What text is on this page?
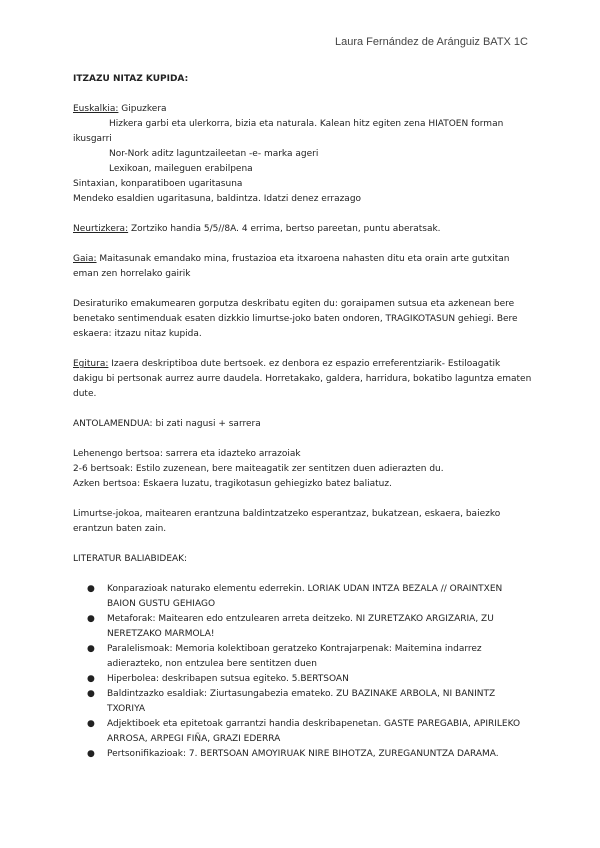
Laura Fernández de Aránguiz BATX 1C

ITZAZU NITAZ KUPIDA:

Euskalkia: Gipuzkera

Hizkera garbi eta ulerkorra, bizia eta naturala. Kalean hitz egiten zena HIATOEN forman ikusgarri

Nor-Nork aditz laguntzaileetan -e- marka ageri

Lexikoan, maileguen erabilpena

Sintaxian, konparatiboen ugaritasuna

Mendeko esaldien ugaritasuna, baldintza. Idatzi denez errazago

Neurtizkera: Zortziko handia 5/5//8A. 4 errima, bertso pareetan, puntu aberatsak.

Gaia: Maitasunak emandako mina, frustazioa eta itxaroena nahasten ditu eta orain arte gutxitan eman zen horrelako gairik

Desiraturiko emakumearen gorputza deskribatu egiten du: goraipamen sutsua eta azkenean bere benetako sentimenduak esaten dizkkio limurtse-joko baten ondoren, TRAGIKOTASUN gehiegi. Bere eskaera: itzazu nitaz kupida.

Egitura: Izaera deskriptiboa dute bertsoek. ez denbora ez espazio erreferentziarik- Estiloagatik dakigu bi pertsonak aurrez aurre daudela. Horretakako, galdera, harridura, bokatibo laguntza ematen dute.

ANTOLAMENDUA: bi zati nagusi + sarrera

Lehenengo bertsoa: sarrera eta idazteko arrazoiak

2-6 bertsoak: Estilo zuzenean, bere maiteagatik zer sentitzen duen adierazten du.

Azken bertsoa: Eskaera luzatu, tragikotasun gehiegizko batez baliatuz.

Limurtse-jokoa, maitearen erantzuna baldintzatzeko esperantzaz, bukatzean, eskaera, baiezko erantzun baten zain.

LITERATUR BALIABIDEAK:

● Konparazioak naturako elementu ederrekin. LORIAK UDAN INTZA BEZALA // ORAINTXEN BAION GUSTU GEHIAGO
● Metaforak: Maitearen edo entzulearen arreta deitzeko. NI ZURETZAKO ARGIZARIA, ZU NERETZAKO MARMOLA!
● Paralelismoak: Memoria kolektiboan geratzeko Kontrajarpenak: Maitemina indarrez adierazteko, non entzulea bere sentitzen duen
● Hiperbolea: deskribapen sutsua egiteko. 5.BERTSOAN
● Baldintzazko esaldiak: Ziurtasungabezia emateko. ZU BAZINAKE ARBOLA, NI BANINTZ TXORIYA
● Adjektiboek eta epitetoak garrantzi handia deskribapenetan. GASTE PAREGABIA, APIRILEKO ARROSA, ARPEGI FIÑA, GRAZI EDERRA
● Pertsonifikazioak: 7. BERTSOAN AMOYIRUAK NIRE BIHOTZA, ZUREGANUNTZA DARAMA.
